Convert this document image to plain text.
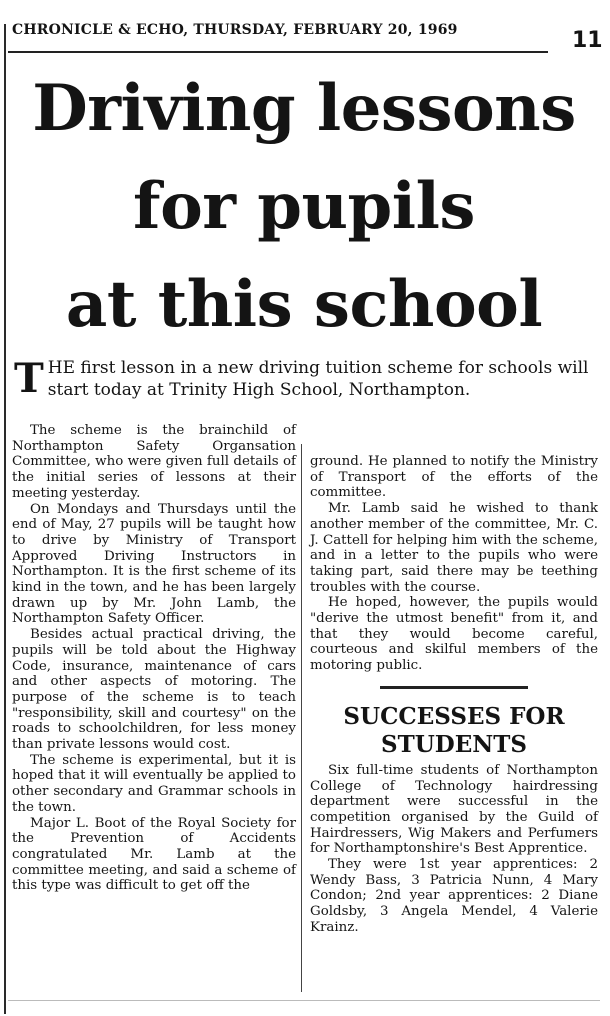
CHRONICLE & ECHO, THURSDAY, FEBRUARY 20, 1969	11
Driving lessons
for pupils
at this school
T HE first lesson in a new driving tuition scheme for schools will start today at Trinity High School, Northampton.

The scheme is the brainchild of Northampton Safety Organsation Committee, who were given full details of the initial series of lessons at their meeting yesterday.

On Mondays and Thursdays until the end of May, 27 pupils will be taught how to drive by Ministry of Transport Approved Driving Instructors in Northampton. It is the first scheme of its kind in the town, and he has been largely drawn up by Mr. John Lamb, the Northampton Safety Officer.

Besides actual practical driving, the pupils will be told about the Highway Code, insurance, maintenance of cars and other aspects of motoring. The purpose of the scheme is to teach "responsibility, skill and courtesy" on the roads to schoolchildren, for less money than private lessons would cost.

The scheme is experimental, but it is hoped that it will eventually be applied to other secondary and Grammar schools in the town.

Major L. Boot of the Royal Society for the Prevention of Accidents congratulated Mr. Lamb at the committee meeting, and said a scheme of this type was difficult to get off the

ground. He planned to notify the Ministry of Transport of the efforts of the committee.

Mr. Lamb said he wished to thank another member of the committee, Mr. C. J. Cattell for helping him with the scheme, and in a letter to the pupils who were taking part, said there may be teething troubles with the course.

He hoped, however, the pupils would "derive the utmost benefit" from it, and that they would become careful, courteous and skilful members of the motoring public.

SUCCESSES FOR STUDENTS

Six full-time students of Northampton College of Technology hairdressing department were successful in the competition organised by the Guild of Hairdressers, Wig Makers and Perfumers for Northamptonshire's Best Apprentice.

They were 1st year apprentices: 2 Wendy Bass, 3 Patricia Nunn, 4 Mary Condon; 2nd year apprentices: 2 Diane Goldsby, 3 Angela Mendel, 4 Valerie Krainz.
